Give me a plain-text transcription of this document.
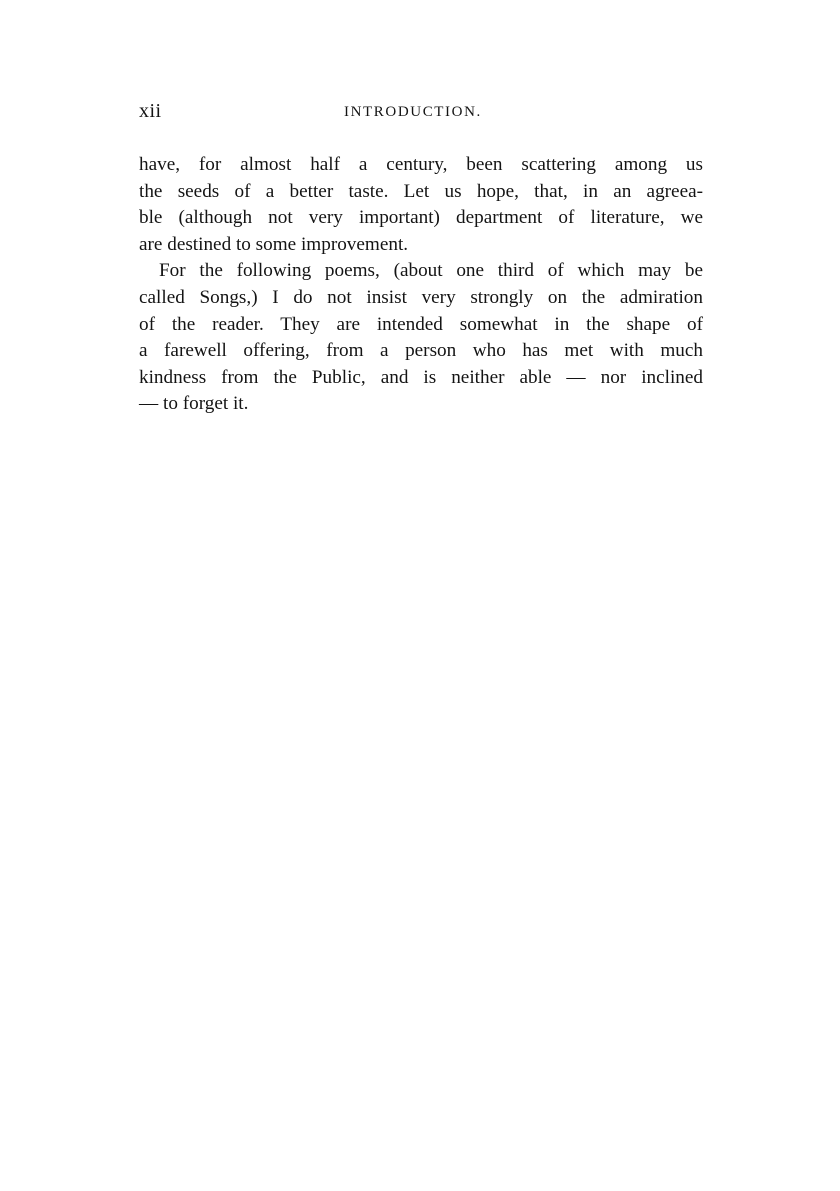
xii	INTRODUCTION.
have, for almost half a century, been scattering among us
the seeds of a better taste. Let us hope, that, in an agreea-
ble (although not very important) department of literature, we
are destined to some improvement.
For the following poems, (about one third of which may be
called Songs,) I do not insist very strongly on the admiration
of the reader. They are intended somewhat in the shape of
a farewell offering, from a person who has met with much
kindness from the Public, and is neither able — nor inclined
— to forget it.
